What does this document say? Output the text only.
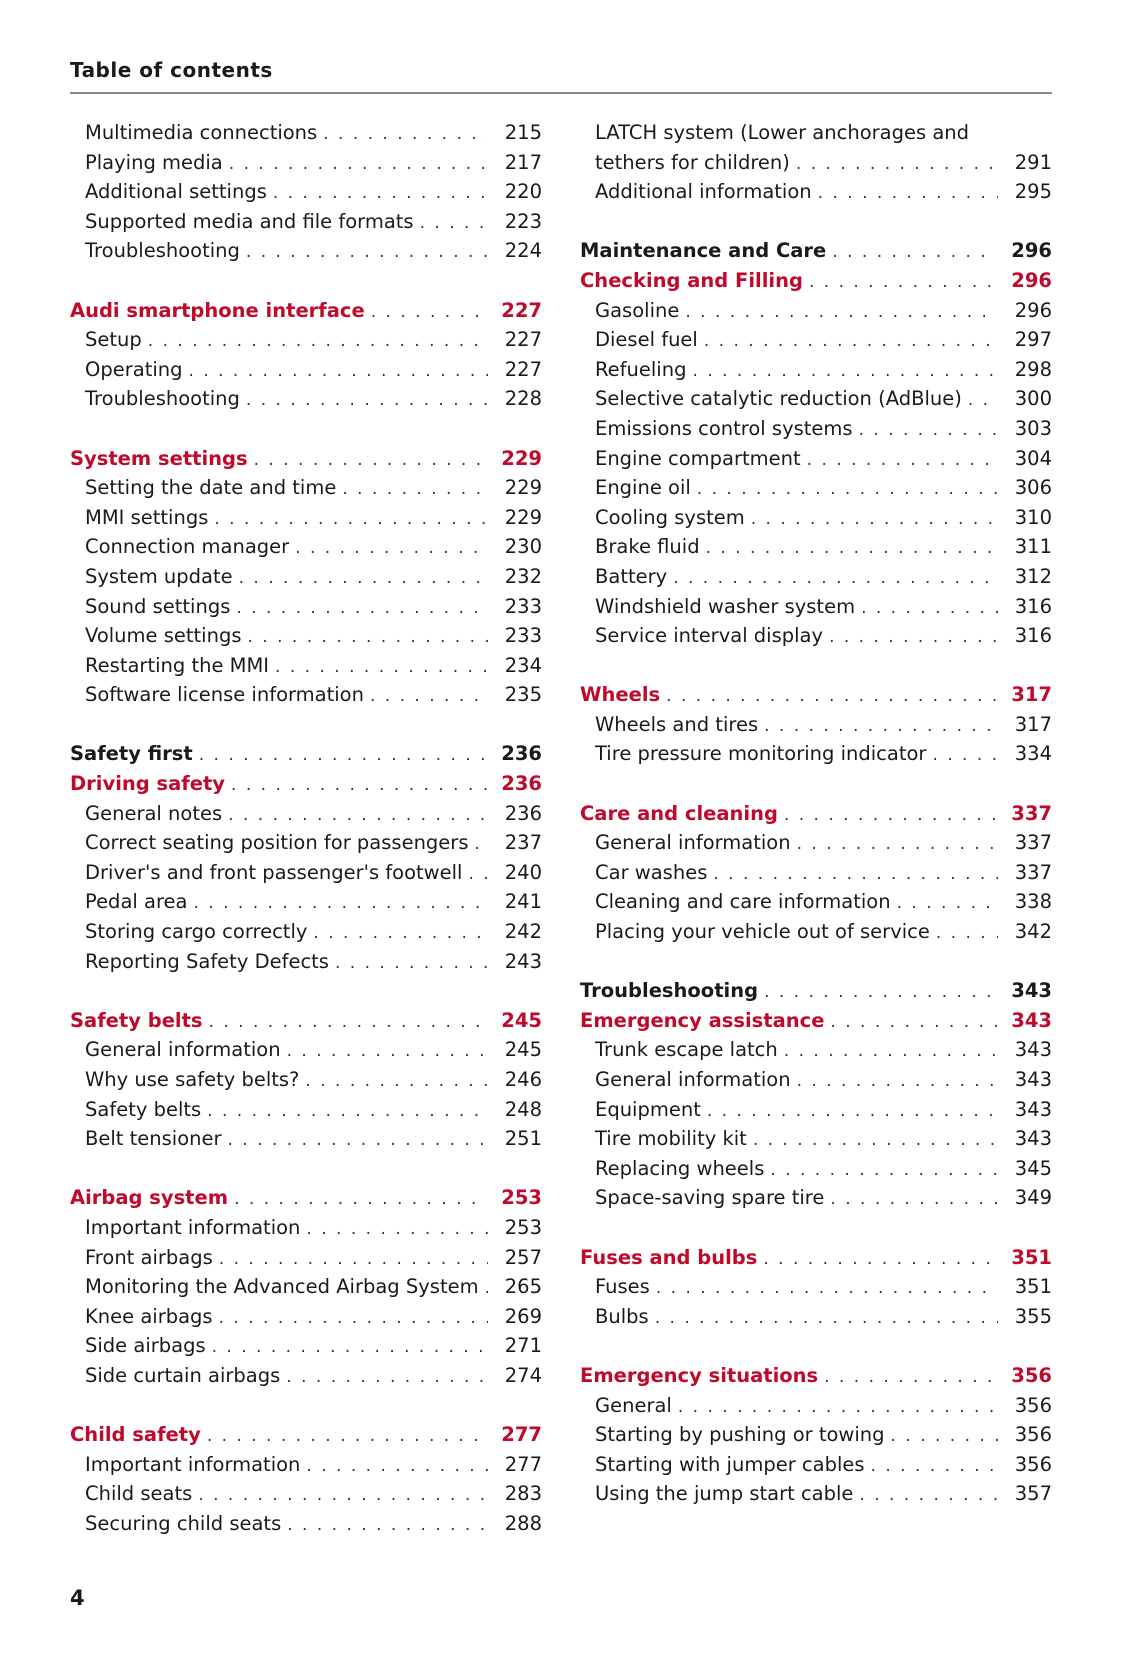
Table of contents
Multimedia connections . . .	215
Playing media . . .	217
Additional settings . . .	220
Supported media and file formats . . .	223
Troubleshooting . . .	224
Audi smartphone interface . . .	227
Setup . . .	227
Operating . . .	227
Troubleshooting . . .	228
System settings . . .	229
Setting the date and time . . .	229
MMI settings . . .	229
Connection manager . . .	230
System update . . .	232
Sound settings . . .	233
Volume settings . . .	233
Restarting the MMI . . .	234
Software license information . . .	235
Safety first . . .	236
Driving safety . . .	236
General notes . . .	236
Correct seating position for passengers . . .	237
Driver's and front passenger's footwell . . .	240
Pedal area . . .	241
Storing cargo correctly . . .	242
Reporting Safety Defects . . .	243
Safety belts . . .	245
General information . . .	245
Why use safety belts? . . .	246
Safety belts . . .	248
Belt tensioner . . .	251
Airbag system . . .	253
Important information . . .	253
Front airbags . . .	257
Monitoring the Advanced Airbag System . . .	265
Knee airbags . . .	269
Side airbags . . .	271
Side curtain airbags . . .	274
Child safety . . .	277
Important information . . .	277
Child seats . . .	283
Securing child seats . . .	288
LATCH system (Lower anchorages and
tethers for children) . . .	291
Additional information . . .	295
Maintenance and Care . . .	296
Checking and Filling . . .	296
Gasoline . . .	296
Diesel fuel . . .	297
Refueling . . .	298
Selective catalytic reduction (AdBlue) . . .	300
Emissions control systems . . .	303
Engine compartment . . .	304
Engine oil . . .	306
Cooling system . . .	310
Brake fluid . . .	311
Battery . . .	312
Windshield washer system . . .	316
Service interval display . . .	316
Wheels . . .	317
Wheels and tires . . .	317
Tire pressure monitoring indicator . . .	334
Care and cleaning . . .	337
General information . . .	337
Car washes . . .	337
Cleaning and care information . . .	338
Placing your vehicle out of service . . .	342
Troubleshooting . . .	343
Emergency assistance . . .	343
Trunk escape latch . . .	343
General information . . .	343
Equipment . . .	343
Tire mobility kit . . .	343
Replacing wheels . . .	345
Space-saving spare tire . . .	349
Fuses and bulbs . . .	351
Fuses . . .	351
Bulbs . . .	355
Emergency situations . . .	356
General . . .	356
Starting by pushing or towing . . .	356
Starting with jumper cables . . .	356
Using the jump start cable . . .	357
4
